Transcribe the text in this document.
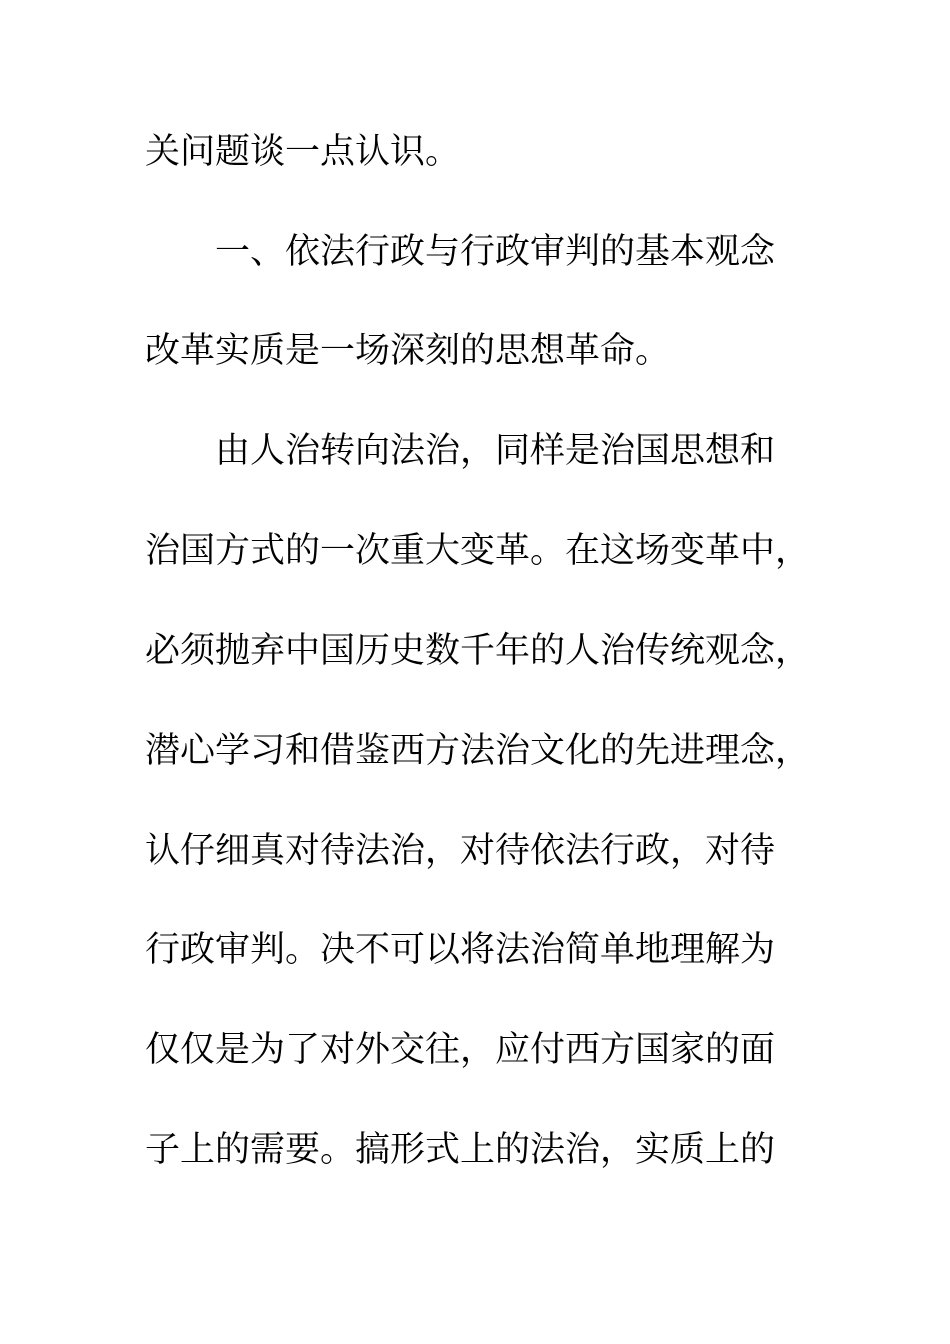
关问题谈一点认识。
一、依法行政与行政审判的基本观念
改革实质是一场深刻的思想革命。
由人治转向法治，同样是治国思想和
治国方式的一次重大变革。在这场变革中，
必须抛弃中国历史数千年的人治传统观念，
潜心学习和借鉴西方法治文化的先进理念，
认仔细真对待法治，对待依法行政，对待
行政审判。决不可以将法治简单地理解为
仅仅是为了对外交往，应付西方国家的面
子上的需要。搞形式上的法治，实质上的
